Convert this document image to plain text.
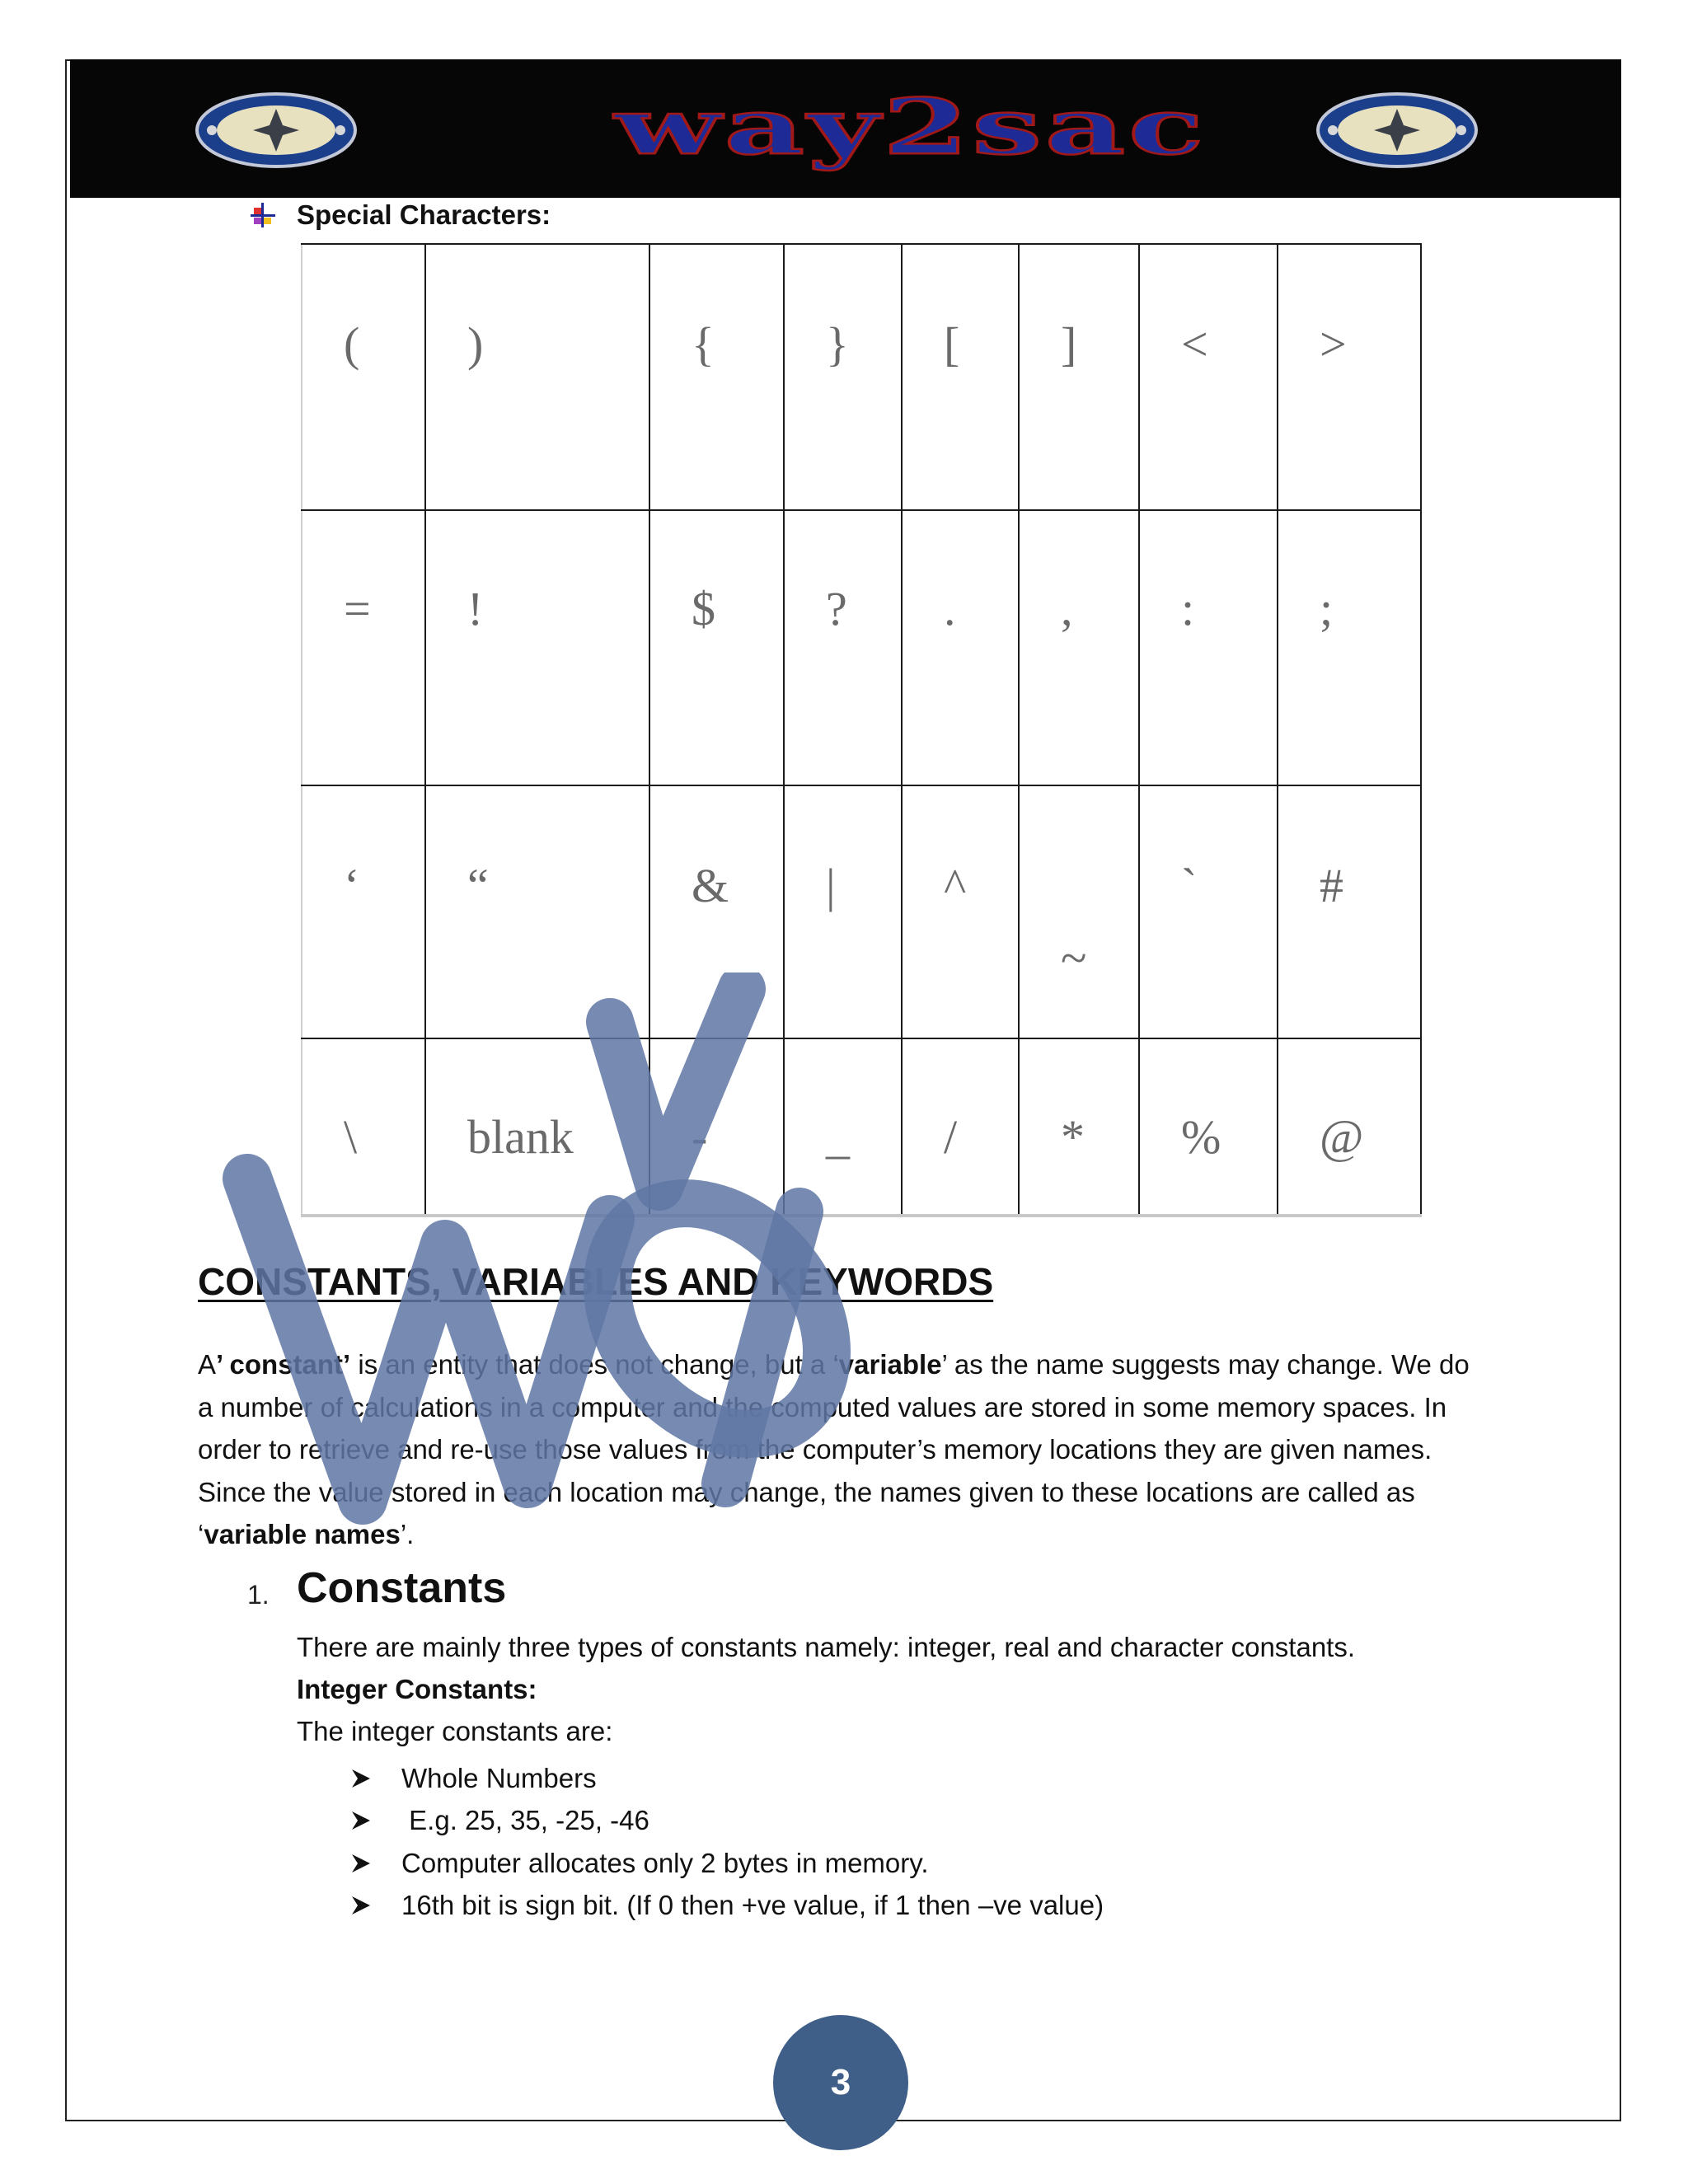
way2sac
Special Characters:
(	)	{	}	[	]	<	>

=	!	$	?	.	,	:	;

‘	“	&	|	^	~	`	#

\	blank	-	_	/	*	%	@
CONSTANTS, VARIABLES AND KEYWORDS
A’ constant’ is an entity that does not change, but a ‘variable’ as the name suggests may change. We do a number of calculations in a computer and the computed values are stored in some memory spaces. In order to retrieve and re-use those values from the computer’s memory locations they are given names. Since the value stored in each location may change, the names given to these locations are called as ‘variable names’.
1. Constants
There are mainly three types of constants namely: integer, real and character constants.
Integer Constants:
The integer constants are:
Whole Numbers
E.g. 25, 35, -25, -46
Computer allocates only 2 bytes in memory.
16th bit is sign bit. (If 0 then +ve value, if 1 then –ve value)
3
